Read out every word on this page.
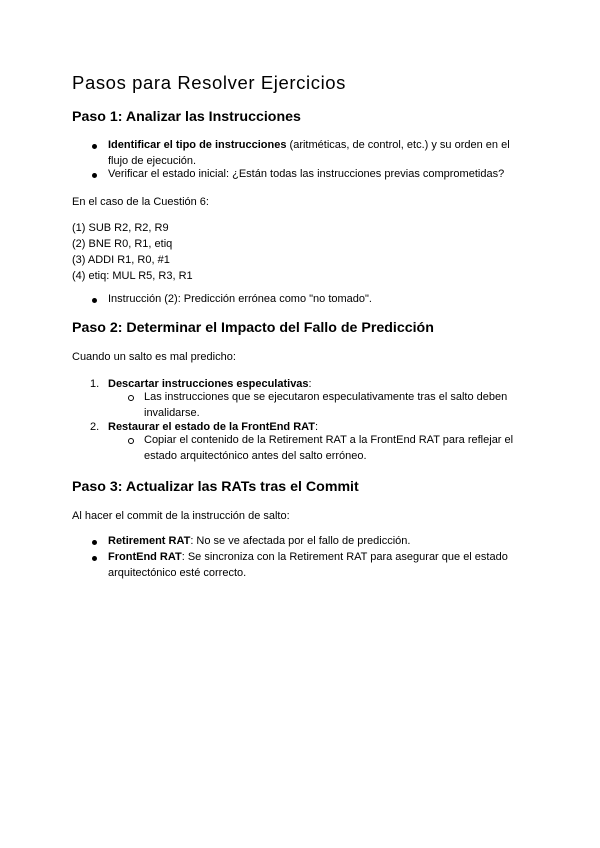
Pasos para Resolver Ejercicios
Paso 1: Analizar las Instrucciones
Identificar el tipo de instrucciones (aritméticas, de control, etc.) y su orden en el flujo de ejecución.
Verificar el estado inicial: ¿Están todas las instrucciones previas comprometidas?
En el caso de la Cuestión 6:
(1) SUB R2, R2, R9
(2) BNE R0, R1, etiq
(3) ADDI R1, R0, #1
(4) etiq: MUL R5, R3, R1
Instrucción (2): Predicción errónea como "no tomado".
Paso 2: Determinar el Impacto del Fallo de Predicción
Cuando un salto es mal predicho:
1. Descartar instrucciones especulativas:
Las instrucciones que se ejecutaron especulativamente tras el salto deben invalidarse.
2. Restaurar el estado de la FrontEnd RAT:
Copiar el contenido de la Retirement RAT a la FrontEnd RAT para reflejar el estado arquitectónico antes del salto erróneo.
Paso 3: Actualizar las RATs tras el Commit
Al hacer el commit de la instrucción de salto:
Retirement RAT: No se ve afectada por el fallo de predicción.
FrontEnd RAT: Se sincroniza con la Retirement RAT para asegurar que el estado arquitectónico esté correcto.
